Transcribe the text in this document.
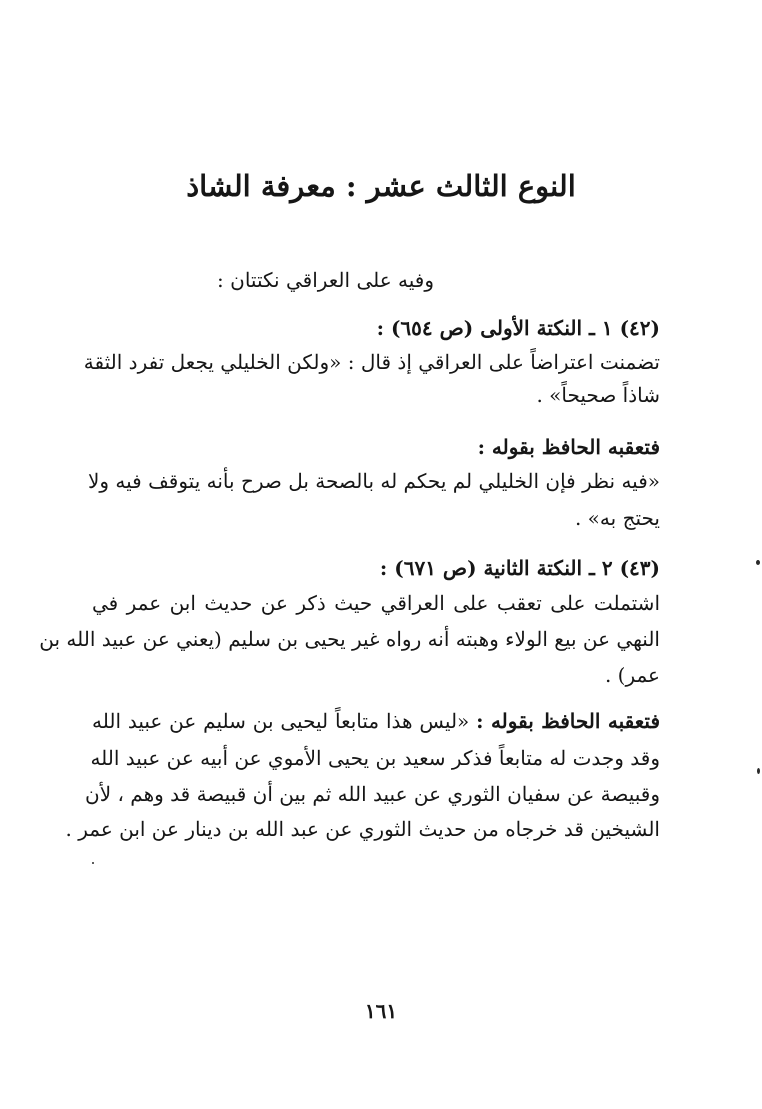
النوع الثالث عشر : معرفة الشاذ
وفيه على العراقي نكتتان :
(٤٢) ١ ـ النكتة الأولى (ص ٦٥٤) :
تضمنت اعتراضاً على العراقي إذ قال : «ولكن الخليلي يجعل تفرد الثقة
شاذاً صحيحاً» .
فتعقبه الحافظ بقوله :
«فيه نظر فإن الخليلي لم يحكم له بالصحة بل صرح بأنه يتوقف فيه ولا
يحتج به» .
(٤٣) ٢ ـ النكتة الثانية (ص ٦٧١) :
اشتملت على تعقب على العراقي حيث ذكر عن حديث ابن عمر في
النهي عن بيع الولاء وهبته أنه رواه غير يحيى بن سليم (يعني عن عبيد الله بن
عمر) .
فتعقبه الحافظ بقوله : «ليس هذا متابعاً ليحيى بن سليم عن عبيد الله
وقد وجدت له متابعاً فذكر سعيد بن يحيى الأموي عن أبيه عن عبيد الله
وقبيصة عن سفيان الثوري عن عبيد الله ثم بين أن قبيصة قد وهم ، لأن
الشيخين قد خرجاه من حديث الثوري عن عبد الله بن دينار عن ابن عمر .
١٦١
